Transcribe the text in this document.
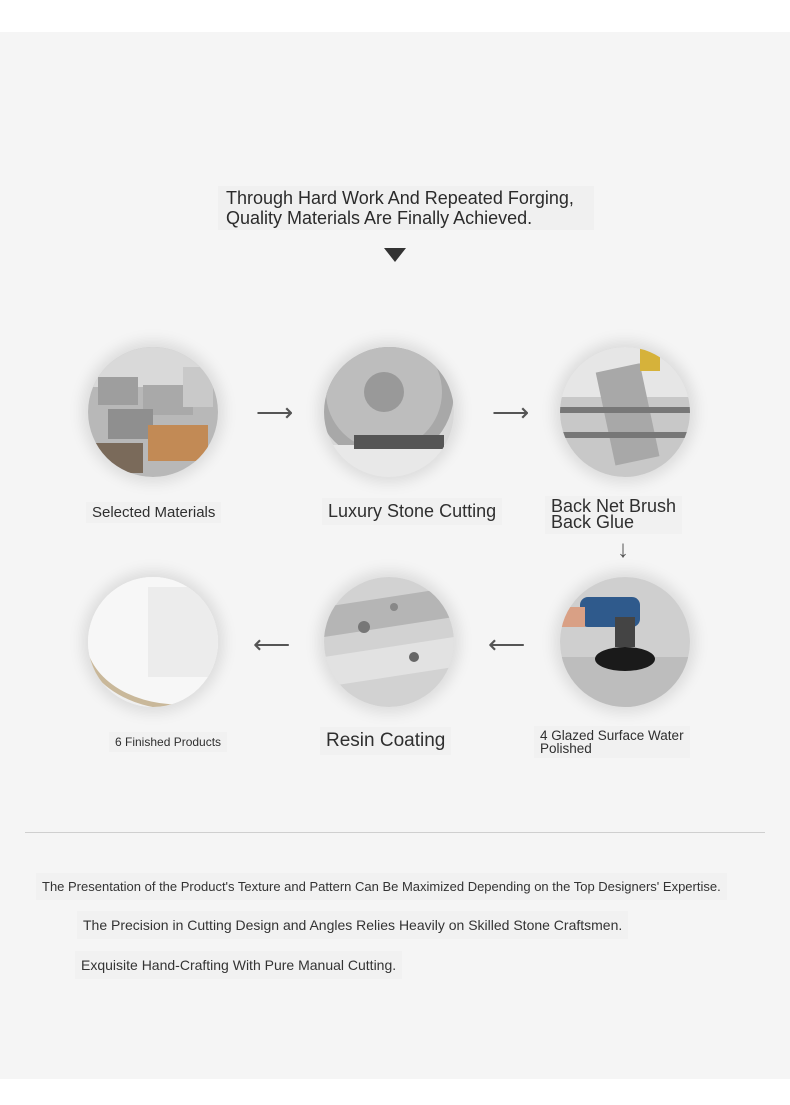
Through Hard Work And Repeated Forging,
Quality Materials Are Finally Achieved.
Selected Materials
⟶
Luxury Stone Cutting
⟶
Back Net Brush
Back Glue
↓
6 Finished Products
⟵
Resin Coating
⟵
4 Glazed Surface Water
Polished
The Presentation of the Product's Texture and Pattern Can Be Maximized Depending on the Top Designers' Expertise.
The Precision in Cutting Design and Angles Relies Heavily on Skilled Stone Craftsmen.
Exquisite Hand-Crafting With Pure Manual Cutting.
